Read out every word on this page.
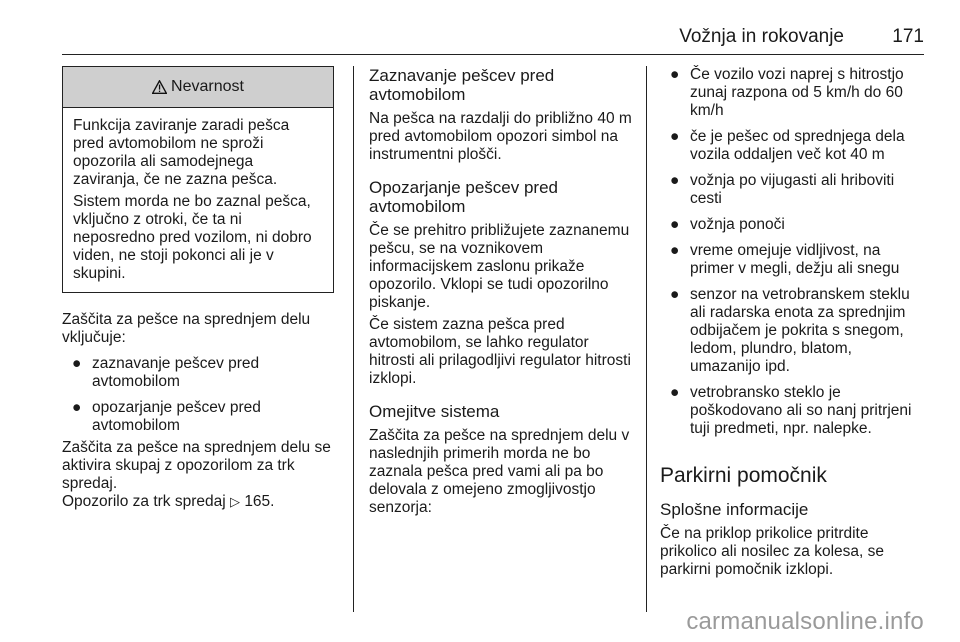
Vožnja in rokovanje	171
Nevarnost

Funkcija zaviranje zaradi pešca pred avtomobilom ne sproži opozorila ali samodejnega zaviranja, če ne zazna pešca.

Sistem morda ne bo zaznal pešca, vključno z otroki, če ta ni neposredno pred vozilom, ni dobro viden, ne stoji pokonci ali je v skupini.

Zaščita za pešce na sprednjem delu vključuje:

● zaznavanje pešcev pred avtomobilom
● opozarjanje pešcev pred avtomobilom

Zaščita za pešce na sprednjem delu se aktivira skupaj z opozorilom za trk spredaj.

Opozorilo za trk spredaj ▷ 165.

Zaznavanje pešcev pred avtomobilom

Na pešca na razdalji do približno 40 m pred avtomobilom opozori simbol na instrumentni plošči.

Opozarjanje pešcev pred avtomobilom

Če se prehitro približujete zaznanemu pešcu, se na voznikovem informacijskem zaslonu prikaže opozorilo. Vklopi se tudi opozorilno piskanje.

Če sistem zazna pešca pred avtomobilom, se lahko regulator hitrosti ali prilagodljivi regulator hitrosti izklopi.

Omejitve sistema

Zaščita za pešce na sprednjem delu v naslednjih primerih morda ne bo zaznala pešca pred vami ali pa bo delovala z omejeno zmogljivostjo senzorja:

● Če vozilo vozi naprej s hitrostjo zunaj razpona od 5 km/h do 60 km/h
● če je pešec od sprednjega dela vozila oddaljen več kot 40 m
● vožnja po vijugasti ali hriboviti cesti
● vožnja ponoči
● vreme omejuje vidljivost, na primer v megli, dežju ali snegu
● senzor na vetrobranskem steklu ali radarska enota za sprednjim odbijačem je pokrita s snegom, ledom, plundro, blatom, umazanijo ipd.
● vetrobransko steklo je poškodovano ali so nanj pritrjeni tuji predmeti, npr. nalepke.
Parkirni pomočnik
Splošne informacije

Če na priklop prikolice pritrdite prikolico ali nosilec za kolesa, se parkirni pomočnik izklopi.

carmanualsonline.info
